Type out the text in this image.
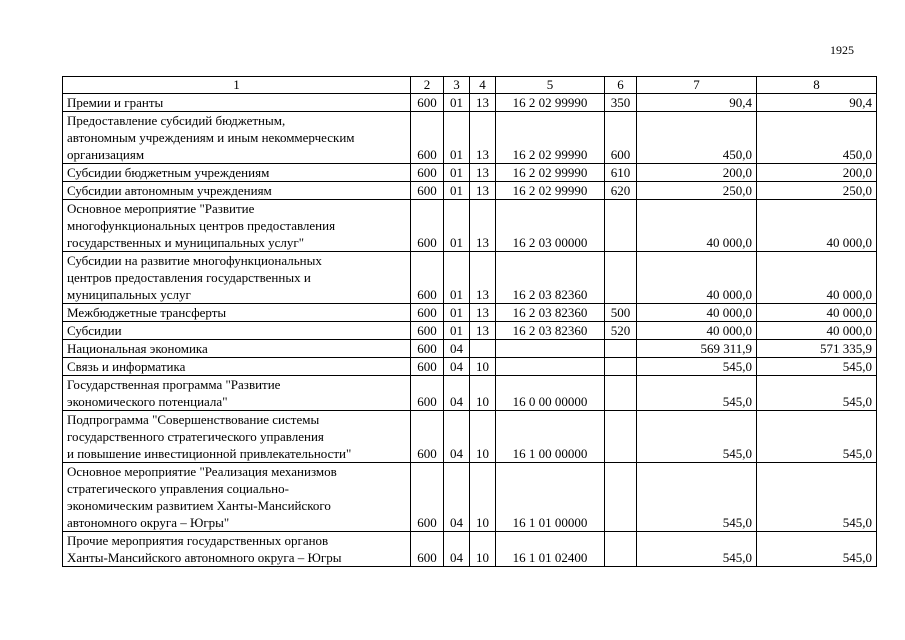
1925
1	2	3	4	5	6	7	8
Премии и гранты	600	01	13	16 2 02 99990	350	90,4	90,4
Предоставление субсидий бюджетным,
автономным учреждениям и иным некоммерческим
организациям	600	01	13	16 2 02 99990	600	450,0	450,0
Субсидии бюджетным учреждениям	600	01	13	16 2 02 99990	610	200,0	200,0
Субсидии автономным учреждениям	600	01	13	16 2 02 99990	620	250,0	250,0
Основное мероприятие "Развитие
многофункциональных центров предоставления
государственных и муниципальных услуг"	600	01	13	16 2 03 00000		40 000,0	40 000,0
Субсидии на развитие многофункциональных
центров предоставления государственных и
муниципальных услуг	600	01	13	16 2 03 82360		40 000,0	40 000,0
Межбюджетные трансферты	600	01	13	16 2 03 82360	500	40 000,0	40 000,0
Субсидии	600	01	13	16 2 03 82360	520	40 000,0	40 000,0
Национальная экономика	600	04				569 311,9	571 335,9
Связь и информатика	600	04	10			545,0	545,0
Государственная программа "Развитие
экономического потенциала"	600	04	10	16 0 00 00000		545,0	545,0
Подпрограмма "Совершенствование системы
государственного стратегического управления
и повышение инвестиционной привлекательности"	600	04	10	16 1 00 00000		545,0	545,0
Основное мероприятие "Реализация механизмов
стратегического управления социально-
экономическим развитием Ханты-Мансийского
автономного округа – Югры"	600	04	10	16 1 01 00000		545,0	545,0
Прочие мероприятия государственных органов
Ханты-Мансийского автономного округа – Югры	600	04	10	16 1 01 02400		545,0	545,0
